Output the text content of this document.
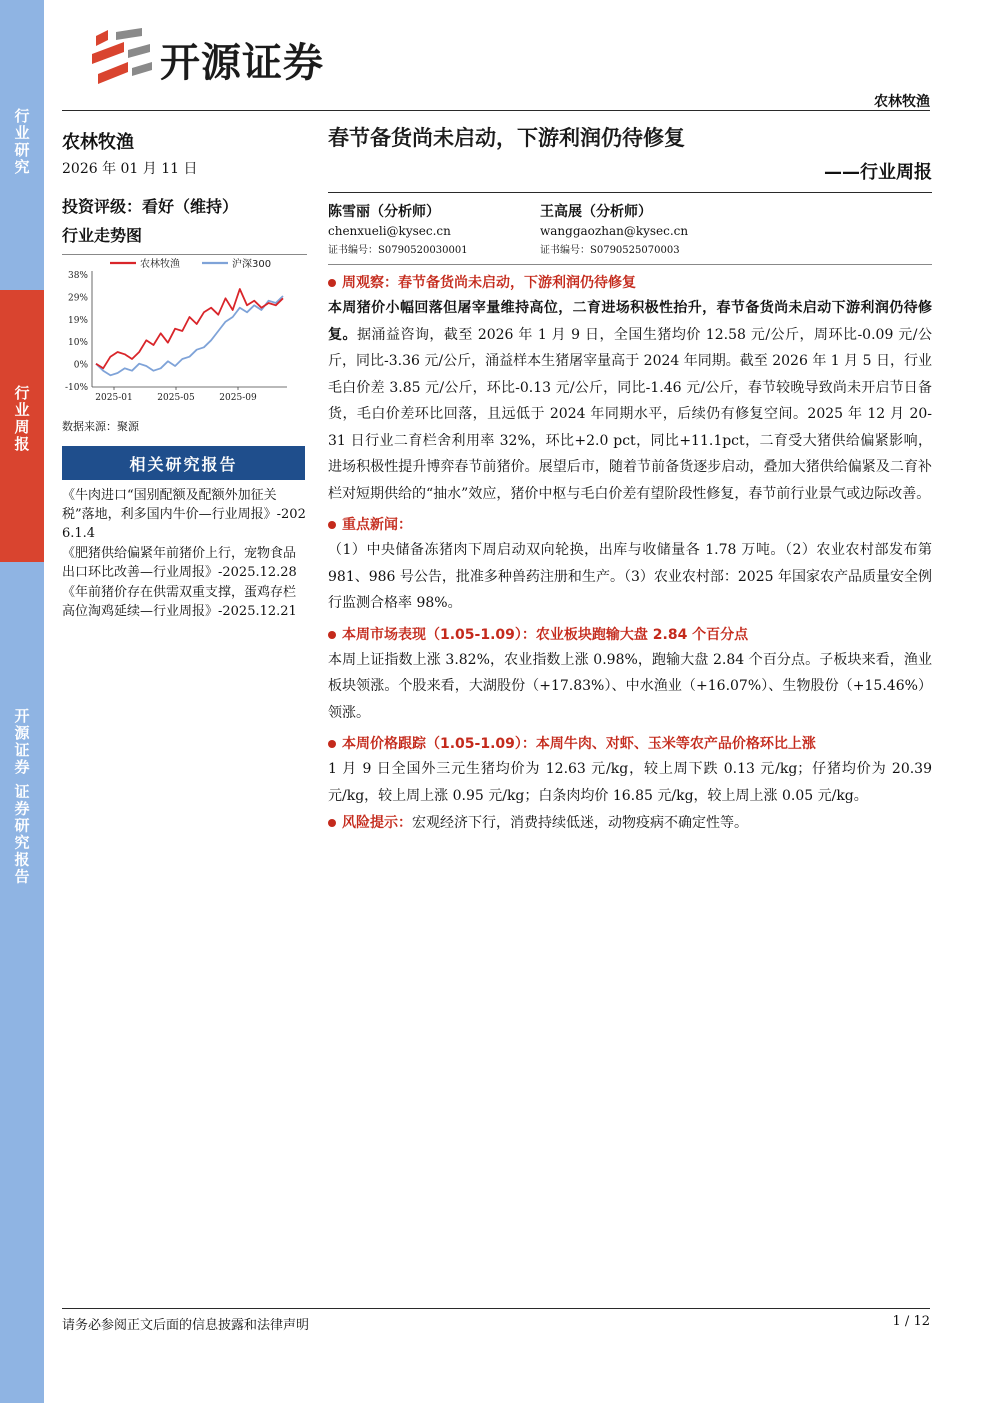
行业研究
行业周报
开源证券 证券研究报告
开源证券
农林牧渔
农林牧渔
2026 年 01 月 11 日
投资评级：看好（维持）
行业走势图
38%
29%
19%
10%
0%
-10%
2025-01	2025-05	2025-09
农林牧渔	沪深300
数据来源：聚源
相关研究报告
《牛肉进口“国别配额及配额外加征关税”落地，利多国内牛价—行业周报》-2026.1.4
《肥猪供给偏紧年前猪价上行，宠物食品出口环比改善—行业周报》-2025.12.28
《年前猪价存在供需双重支撑，蛋鸡存栏高位淘鸡延续—行业周报》-2025.12.21
春节备货尚未启动，下游利润仍待修复
——行业周报
陈雪丽（分析师）
chenxueli@kysec.cn
证书编号：S0790520030001
王高展（分析师）
wanggaozhan@kysec.cn
证书编号：S0790525070003
周观察：春节备货尚未启动，下游利润仍待修复
本周猪价小幅回落但屠宰量维持高位，二育进场积极性抬升，春节备货尚未启动下游利润仍待修复。据涌益咨询，截至 2026 年 1 月 9 日，全国生猪均价 12.58 元/公斤，周环比-0.09 元/公斤，同比-3.36 元/公斤，涌益样本生猪屠宰量高于 2024 年同期。截至 2026 年 1 月 5 日，行业毛白价差 3.85 元/公斤，环比-0.13 元/公斤，同比-1.46 元/公斤，春节较晚导致尚未开启节日备货，毛白价差环比回落，且远低于 2024 年同期水平，后续仍有修复空间。2025 年 12 月 20-31 日行业二育栏舍利用率 32%，环比+2.0 pct，同比+11.1pct，二育受大猪供给偏紧影响，进场积极性提升博弈春节前猪价。展望后市，随着节前备货逐步启动，叠加大猪供给偏紧及二育补栏对短期供给的“抽水”效应，猪价中枢与毛白价差有望阶段性修复，春节前行业景气或边际改善。
重点新闻：
（1）中央储备冻猪肉下周启动双向轮换，出库与收储量各 1.78 万吨。（2）农业农村部发布第 981、986 号公告，批准多种兽药注册和生产。（3）农业农村部：2025 年国家农产品质量安全例行监测合格率 98%。
本周市场表现（1.05-1.09）：农业板块跑输大盘 2.84 个百分点
本周上证指数上涨 3.82%，农业指数上涨 0.98%，跑输大盘 2.84 个百分点。子板块来看，渔业板块领涨。个股来看，大湖股份（+17.83%）、中水渔业（+16.07%）、生物股份（+15.46%）领涨。
本周价格跟踪（1.05-1.09）：本周牛肉、对虾、玉米等农产品价格环比上涨
1 月 9 日全国外三元生猪均价为 12.63 元/kg，较上周下跌 0.13 元/kg；仔猪均价为 20.39 元/kg，较上周上涨 0.95 元/kg；白条肉均价 16.85 元/kg，较上周上涨 0.05 元/kg。
风险提示：宏观经济下行，消费持续低迷，动物疫病不确定性等。
请务必参阅正文后面的信息披露和法律声明	1 / 12
